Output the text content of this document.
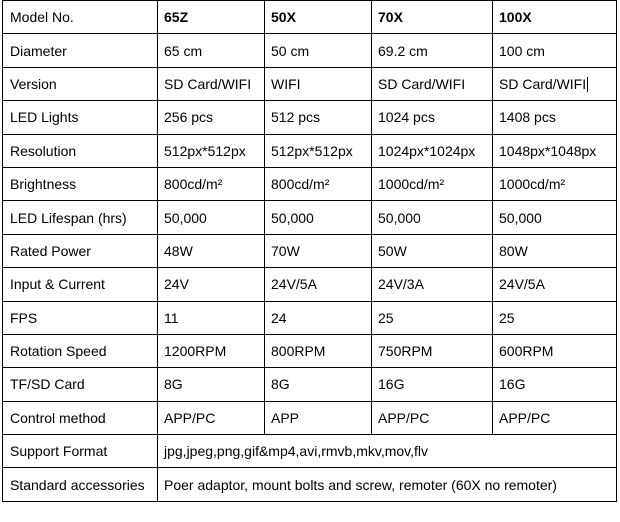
Model No.	65Z	50X	70X	100X
Diameter	65 cm	50 cm	69.2 cm	100 cm
Version	SD Card/WIFI	WIFI	SD Card/WIFI	SD Card/WIFI
LED Lights	256 pcs	512 pcs	1024 pcs	1408 pcs
Resolution	512px*512px	512px*512px	1024px*1024px	1048px*1048px
Brightness	800cd/m²	800cd/m²	1000cd/m²	1000cd/m²
LED Lifespan (hrs)	50,000	50,000	50,000	50,000
Rated Power	48W	70W	50W	80W
Input & Current	24V	24V/5A	24V/3A	24V/5A
FPS	11	24	25	25
Rotation Speed	1200RPM	800RPM	750RPM	600RPM
TF/SD Card	8G	8G	16G	16G
Control method	APP/PC	APP	APP/PC	APP/PC
Support Format	jpg,jpeg,png,gif&mp4,avi,rmvb,mkv,mov,flv			
Standard accessories	Poer adaptor, mount bolts and screw, remoter (60X no remoter)			
